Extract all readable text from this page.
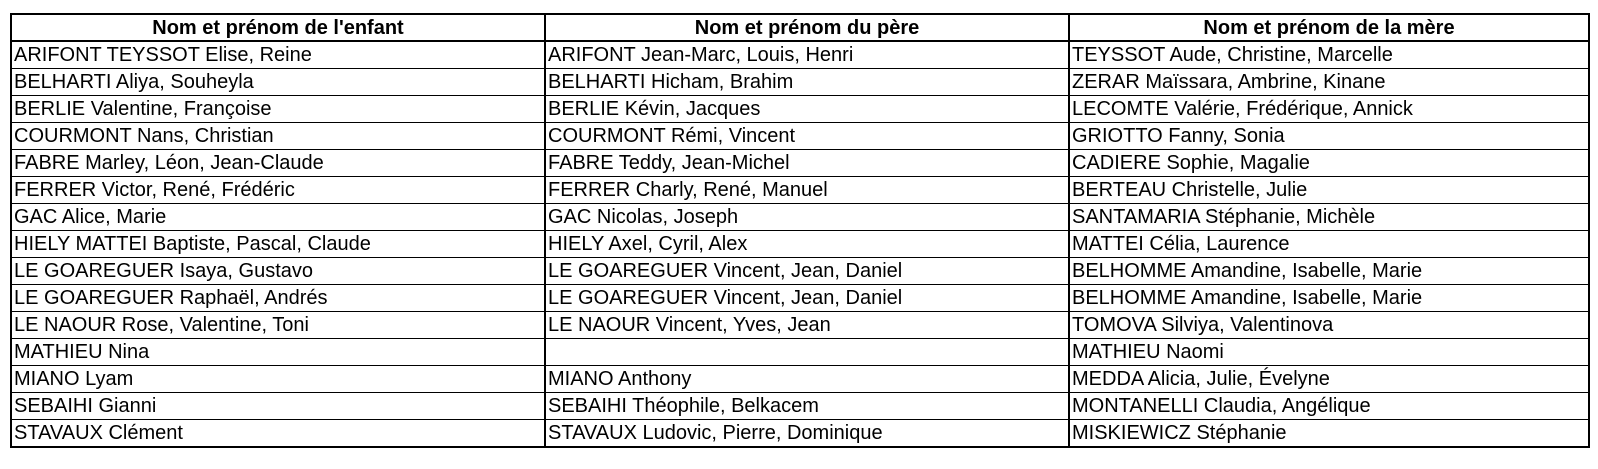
Nom et prénom de l'enfant	Nom et prénom du père	Nom et prénom de la mère
ARIFONT TEYSSOT Elise, Reine	ARIFONT Jean-Marc, Louis, Henri	TEYSSOT Aude, Christine, Marcelle
BELHARTI Aliya, Souheyla	BELHARTI Hicham, Brahim	ZERAR Maïssara, Ambrine, Kinane
BERLIE Valentine, Françoise	BERLIE Kévin, Jacques	LECOMTE Valérie, Frédérique, Annick
COURMONT Nans, Christian	COURMONT Rémi, Vincent	GRIOTTO Fanny, Sonia
FABRE Marley, Léon, Jean-Claude	FABRE Teddy, Jean-Michel	CADIERE Sophie, Magalie
FERRER Victor, René, Frédéric	FERRER Charly, René, Manuel	BERTEAU Christelle, Julie
GAC Alice, Marie	GAC Nicolas, Joseph	SANTAMARIA Stéphanie, Michèle
HIELY MATTEI Baptiste, Pascal, Claude	HIELY Axel, Cyril, Alex	MATTEI Célia, Laurence
LE GOAREGUER Isaya, Gustavo	LE GOAREGUER Vincent, Jean, Daniel	BELHOMME Amandine, Isabelle, Marie
LE GOAREGUER Raphaël, Andrés	LE GOAREGUER Vincent, Jean, Daniel	BELHOMME Amandine, Isabelle, Marie
LE NAOUR Rose, Valentine, Toni	LE NAOUR Vincent, Yves, Jean	TOMOVA Silviya, Valentinova
MATHIEU Nina		MATHIEU Naomi
MIANO Lyam	MIANO Anthony	MEDDA Alicia, Julie, Évelyne
SEBAIHI Gianni	SEBAIHI Théophile, Belkacem	MONTANELLI Claudia, Angélique
STAVAUX Clément	STAVAUX Ludovic, Pierre, Dominique	MISKIEWICZ Stéphanie
